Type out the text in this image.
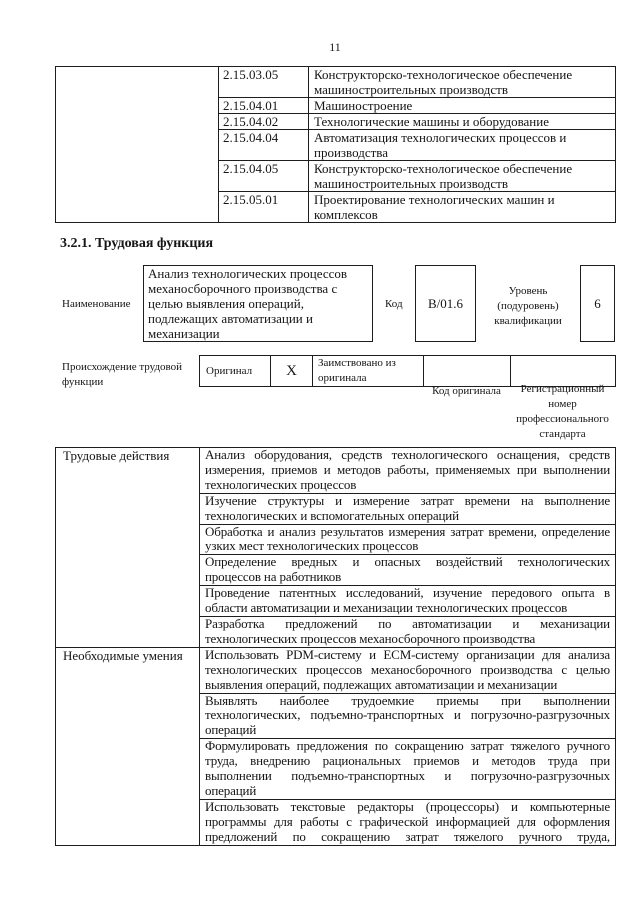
11
	2.15.03.05	Конструкторско-технологическое обеспечение
машиностроительных производств

	2.15.04.01	Машиностроение

	2.15.04.02	Технологические машины и оборудование

	2.15.04.04	Автоматизация технологических процессов и
производства

	2.15.04.05	Конструкторско-технологическое обеспечение
машиностроительных производств

	2.15.05.01	Проектирование технологических машин и
комплексов
3.2.1. Трудовая функция
Наименование
Анализ технологических процессов
механосборочного производства с
целью выявления операций,
подлежащих автоматизации и
механизации
Код В/01.6
Уровень
(подуровень)
квалификации
6
Происхождение трудовой
функции
Оригинал	X	Заимствовано из
оригинала

Код оригинала	Регистрационный
номер
профессионального
стандарта
Трудовые действия	Анализ оборудования, средств технологического оснащения, средств
измерения, приемов и методов работы, применяемых при выполнении
технологических процессов

	Изучение структуры и измерение затрат времени на выполнение
технологических и вспомогательных операций

	Обработка и анализ результатов измерения затрат времени, определение
узких мест технологических процессов

	Определение вредных и опасных воздействий технологических
процессов на работников

	Проведение патентных исследований, изучение передового опыта в
области автоматизации и механизации технологических процессов

	Разработка предложений по автоматизации и механизации
технологических процессов механосборочного производства

Необходимые умения	Использовать PDM-систему и ECM-систему организации для анализа
технологических процессов механосборочного производства с целью
выявления операций, подлежащих автоматизации и механизации

	Выявлять наиболее трудоемкие приемы при выполнении
технологических, подъемно-транспортных и погрузочно-разгрузочных
операций

	Формулировать предложения по сокращению затрат тяжелого ручного
труда, внедрению рациональных приемов и методов труда при
выполнении подъемно-транспортных и погрузочно-разгрузочных
операций

	Использовать текстовые редакторы (процессоры) и компьютерные
программы для работы с графической информацией для оформления
предложений по сокращению затрат тяжелого ручного труда,
